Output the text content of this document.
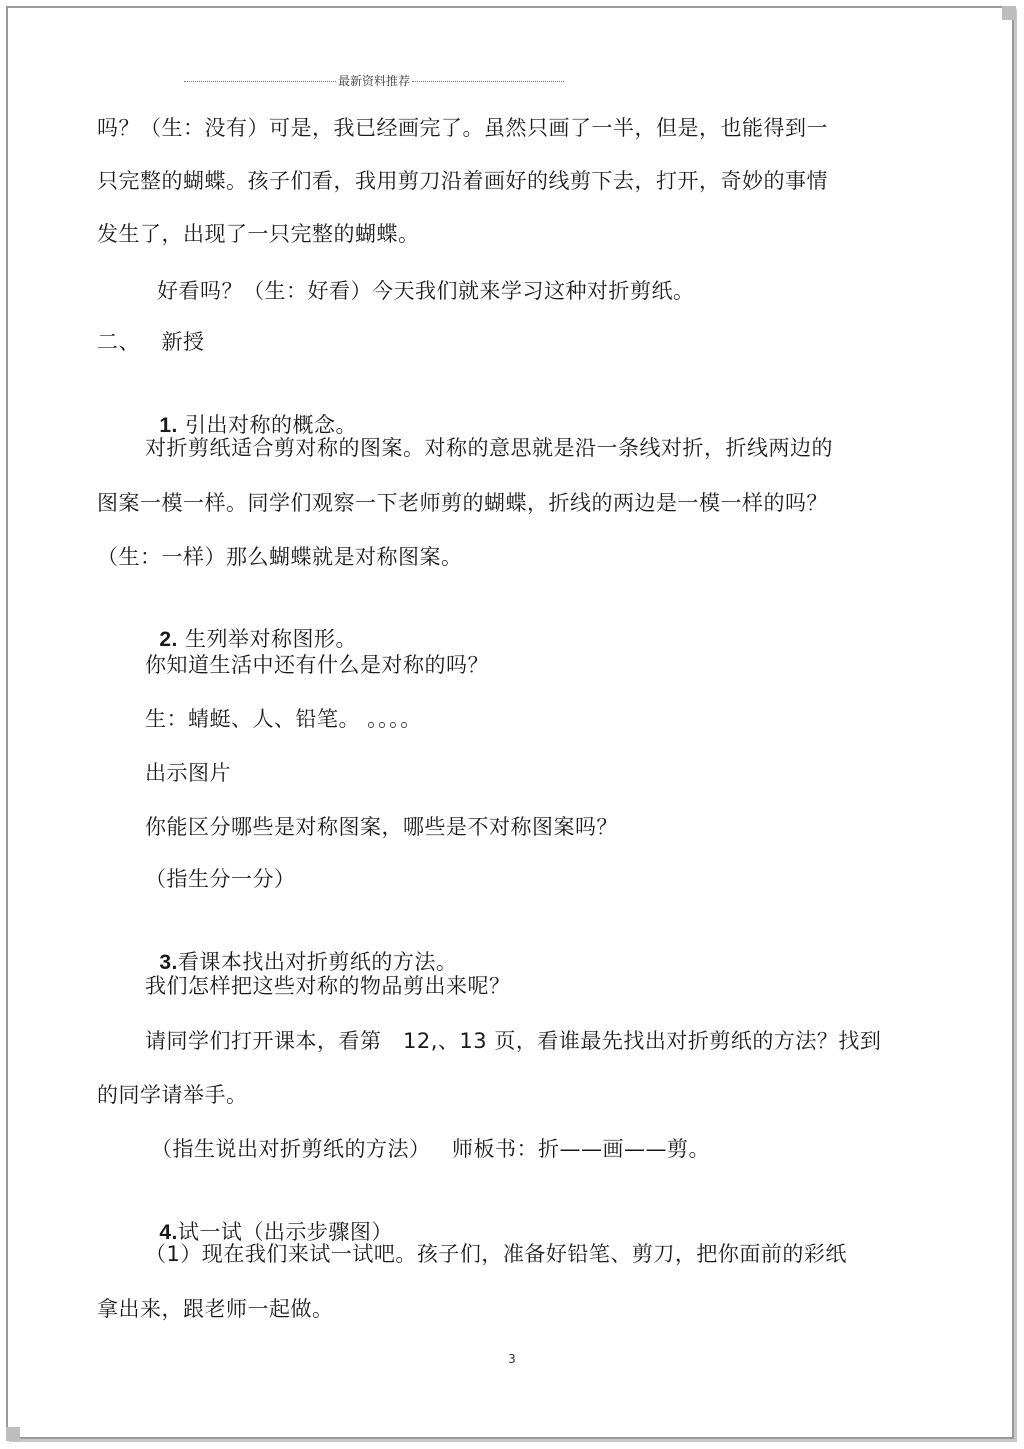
最新资料推荐
吗？（生：没有）可是，我已经画完了。虽然只画了一半，但是，也能得到一
只完整的蝴蝶。孩子们看，我用剪刀沿着画好的线剪下去，打开，奇妙的事情
发生了，出现了一只完整的蝴蝶。
好看吗？（生：好看）今天我们就来学习这种对折剪纸。
二、   新授

1. 引出对称的概念。

对折剪纸适合剪对称的图案。对称的意思就是沿一条线对折，折线两边的
图案一模一样。同学们观察一下老师剪的蝴蝶，折线的两边是一模一样的吗？
（生：一样）那么蝴蝶就是对称图案。

2. 生列举对称图形。

你知道生活中还有什么是对称的吗？
生：蜻蜓、人、铅笔。 。。。。
出示图片
你能区分哪些是对称图案，哪些是不对称图案吗？
（指生分一分）

3.看课本找出对折剪纸的方法。

我们怎样把这些对称的物品剪出来呢？
请同学们打开课本，看第   12,、13 页，看谁最先找出对折剪纸的方法？找到
的同学请举手。
（指生说出对折剪纸的方法）   师板书：折——画——剪。

4.试一试（出示步骤图）

（1）现在我们来试一试吧。孩子们，准备好铅笔、剪刀，把你面前的彩纸
拿出来，跟老师一起做。
3
